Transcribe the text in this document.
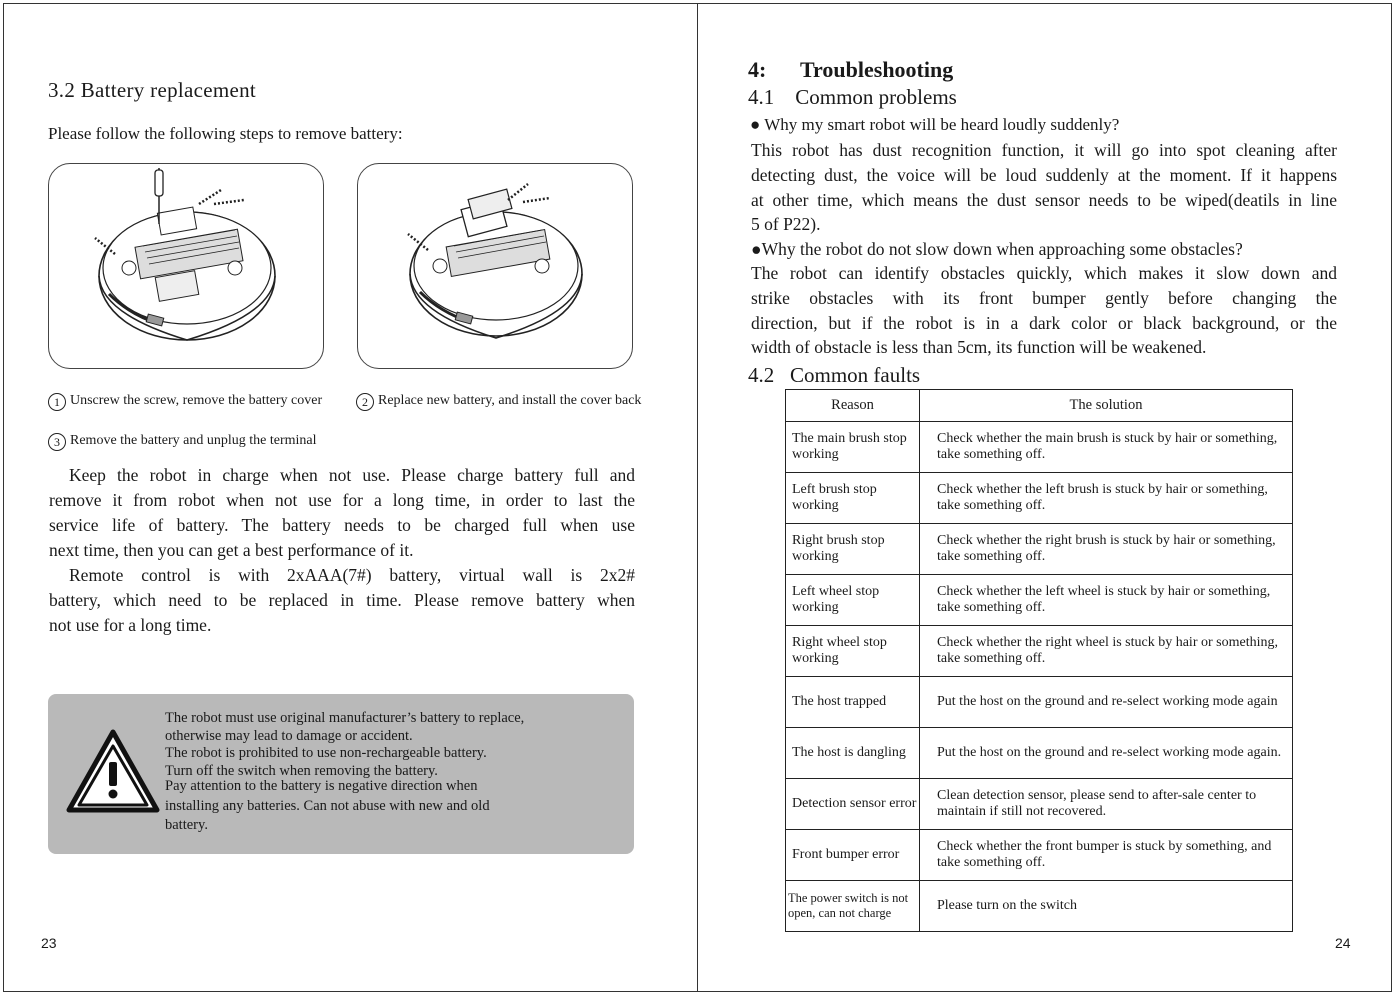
3.2 Battery replacement
Please follow the following steps to remove battery:
1 Unscrew the screw, remove the battery cover	2 Replace new battery, and install the cover back
3 Remove the battery and unplug the terminal
Keep the robot in charge when not use. Please charge battery full and
remove it from robot when not use for a long time, in order to last the
service life of battery. The battery needs to be charged full when use
next time, then you can get a best performance of it.
Remote control is with 2xAAA(7#) battery, virtual wall is 2x2#
battery, which need to be replaced in time. Please remove battery when
not use for a long time.
The robot must use original manufacturer’s battery to replace,
otherwise may lead to damage or accident.
The robot is prohibited to use non-rechargeable battery.
Turn off the switch when removing the battery.
Pay attention to the battery is negative direction when
installing any batteries. Can not abuse with new and old
battery.
23
4: Troubleshooting
4.1    Common problems
● Why my smart robot will be heard loudly suddenly?
This robot has dust recognition function, it will go into spot cleaning after
detecting dust, the voice will be loud suddenly at the moment. If it happens
at other time, which means the dust sensor needs to be wiped(deatils in line
5 of P22).
●Why the robot do not slow down when approaching some obstacles?
The robot can identify obstacles quickly, which makes it slow down and
strike obstacles with its front bumper gently before changing the
direction, but if the robot is in a dark color or black background, or the
width of obstacle is less than 5cm, its function will be weakened.
4.2   Common faults
Reason	The solution
The main brush stop working	Check whether the main brush is stuck by hair or something, take something off.
Left brush stop working	Check whether the left brush is stuck by hair or something, take something off.
Right brush stop working	Check whether the right brush is stuck by hair or something, take something off.
Left wheel stop working	Check whether the left wheel is stuck by hair or something, take something off.
Right wheel stop working	Check whether the right wheel is stuck by hair or something, take something off.
The host trapped	Put the host on the ground and re-select working mode again
The host is dangling	Put the host on the ground and re-select working mode again.
Detection sensor error	Clean detection sensor, please send to after-sale center to maintain if still not recovered.
Front bumper error	Check whether the front bumper is stuck by something, and take something off.
The power switch is not open, can not charge	Please turn on the switch
24
